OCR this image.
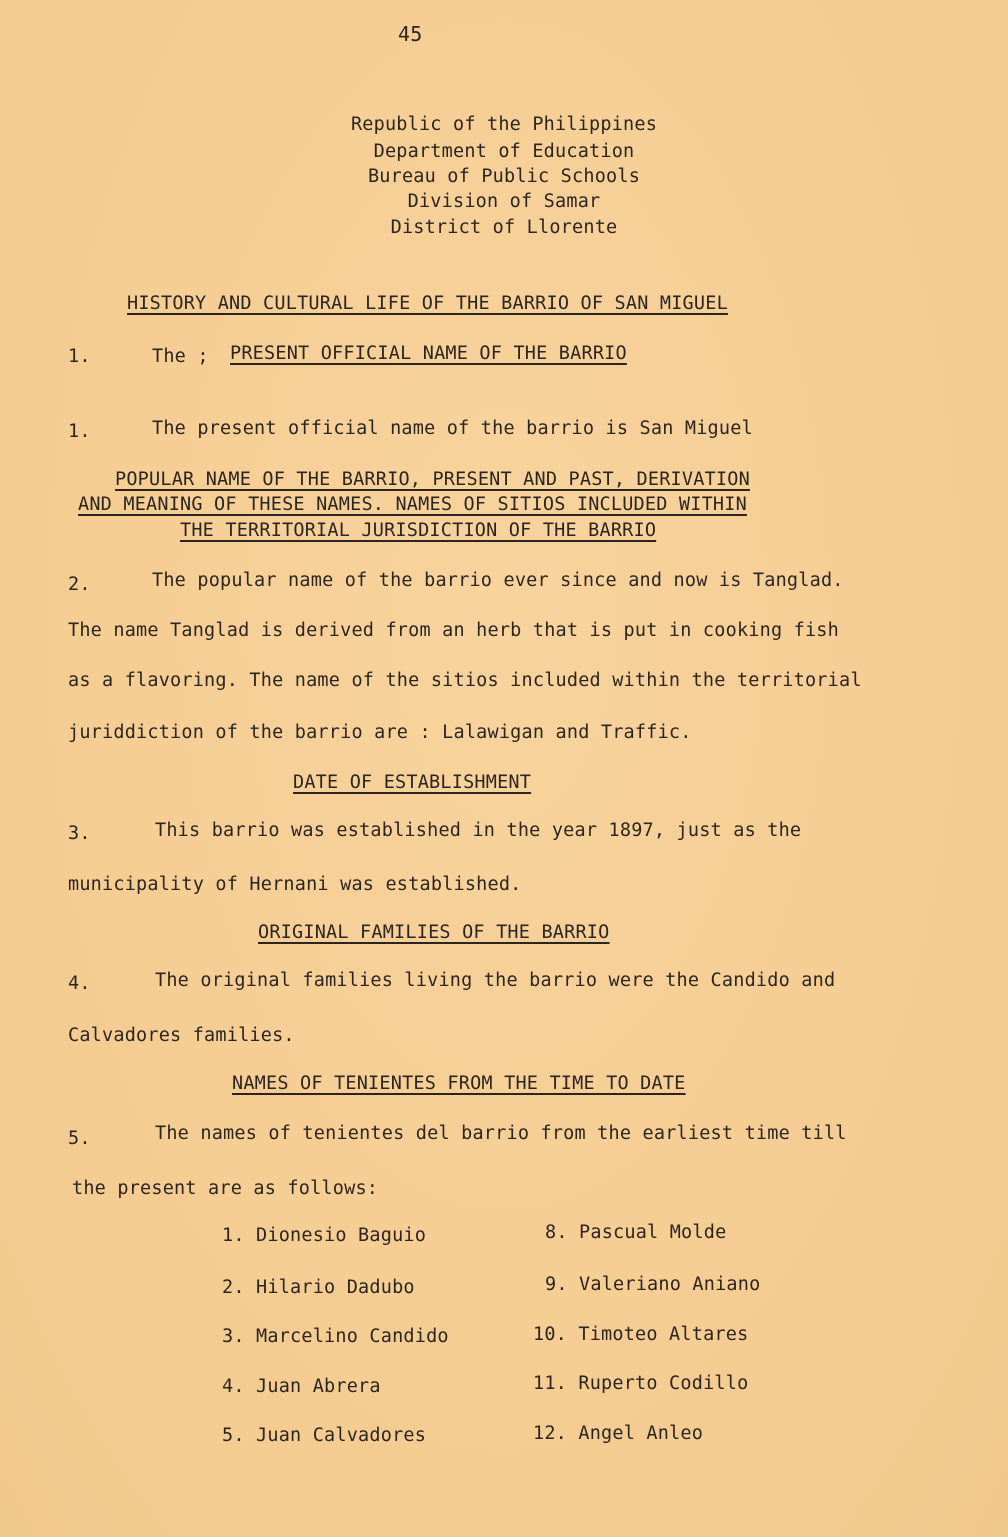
45
Republic of the Philippines
Department of Education
Bureau of Public Schools
Division of Samar
District of Llorente
HISTORY AND CULTURAL LIFE OF THE BARRIO OF SAN MIGUEL
1.	The ; PRESENT OFFICIAL NAME OF THE BARRIO
1.	The present official name of the barrio is San Miguel
POPULAR NAME OF THE BARRIO, PRESENT AND PAST, DERIVATION
AND MEANING OF THESE NAMES. NAMES OF SITIOS INCLUDED WITHIN
THE TERRITORIAL JURISDICTION OF THE BARRIO
2.	The popular name of the barrio ever since and now is Tanglad.
The name Tanglad is derived from an herb that is put in cooking fish
as a flavoring. The name of the sitios included within the territorial
juriddiction of the barrio are : Lalawigan and Traffic.
DATE OF ESTABLISHMENT
3.	This barrio was established in the year 1897, just as the
municipality of Hernani was established.
ORIGINAL FAMILIES OF THE BARRIO
4.	The original families living the barrio were the Candido and
Calvadores families.
NAMES OF TENIENTES FROM THE TIME TO DATE
5.	The names of tenientes del barrio from the earliest time till
the present are as follows:
1. Dionesio Baguio
2. Hilario Dadubo
3. Marcelino Candido
4. Juan Abrera
5. Juan Calvadores
8. Pascual Molde
9. Valeriano Aniano
10. Timoteo Altares
11. Ruperto Codillo
12. Angel Anleo
